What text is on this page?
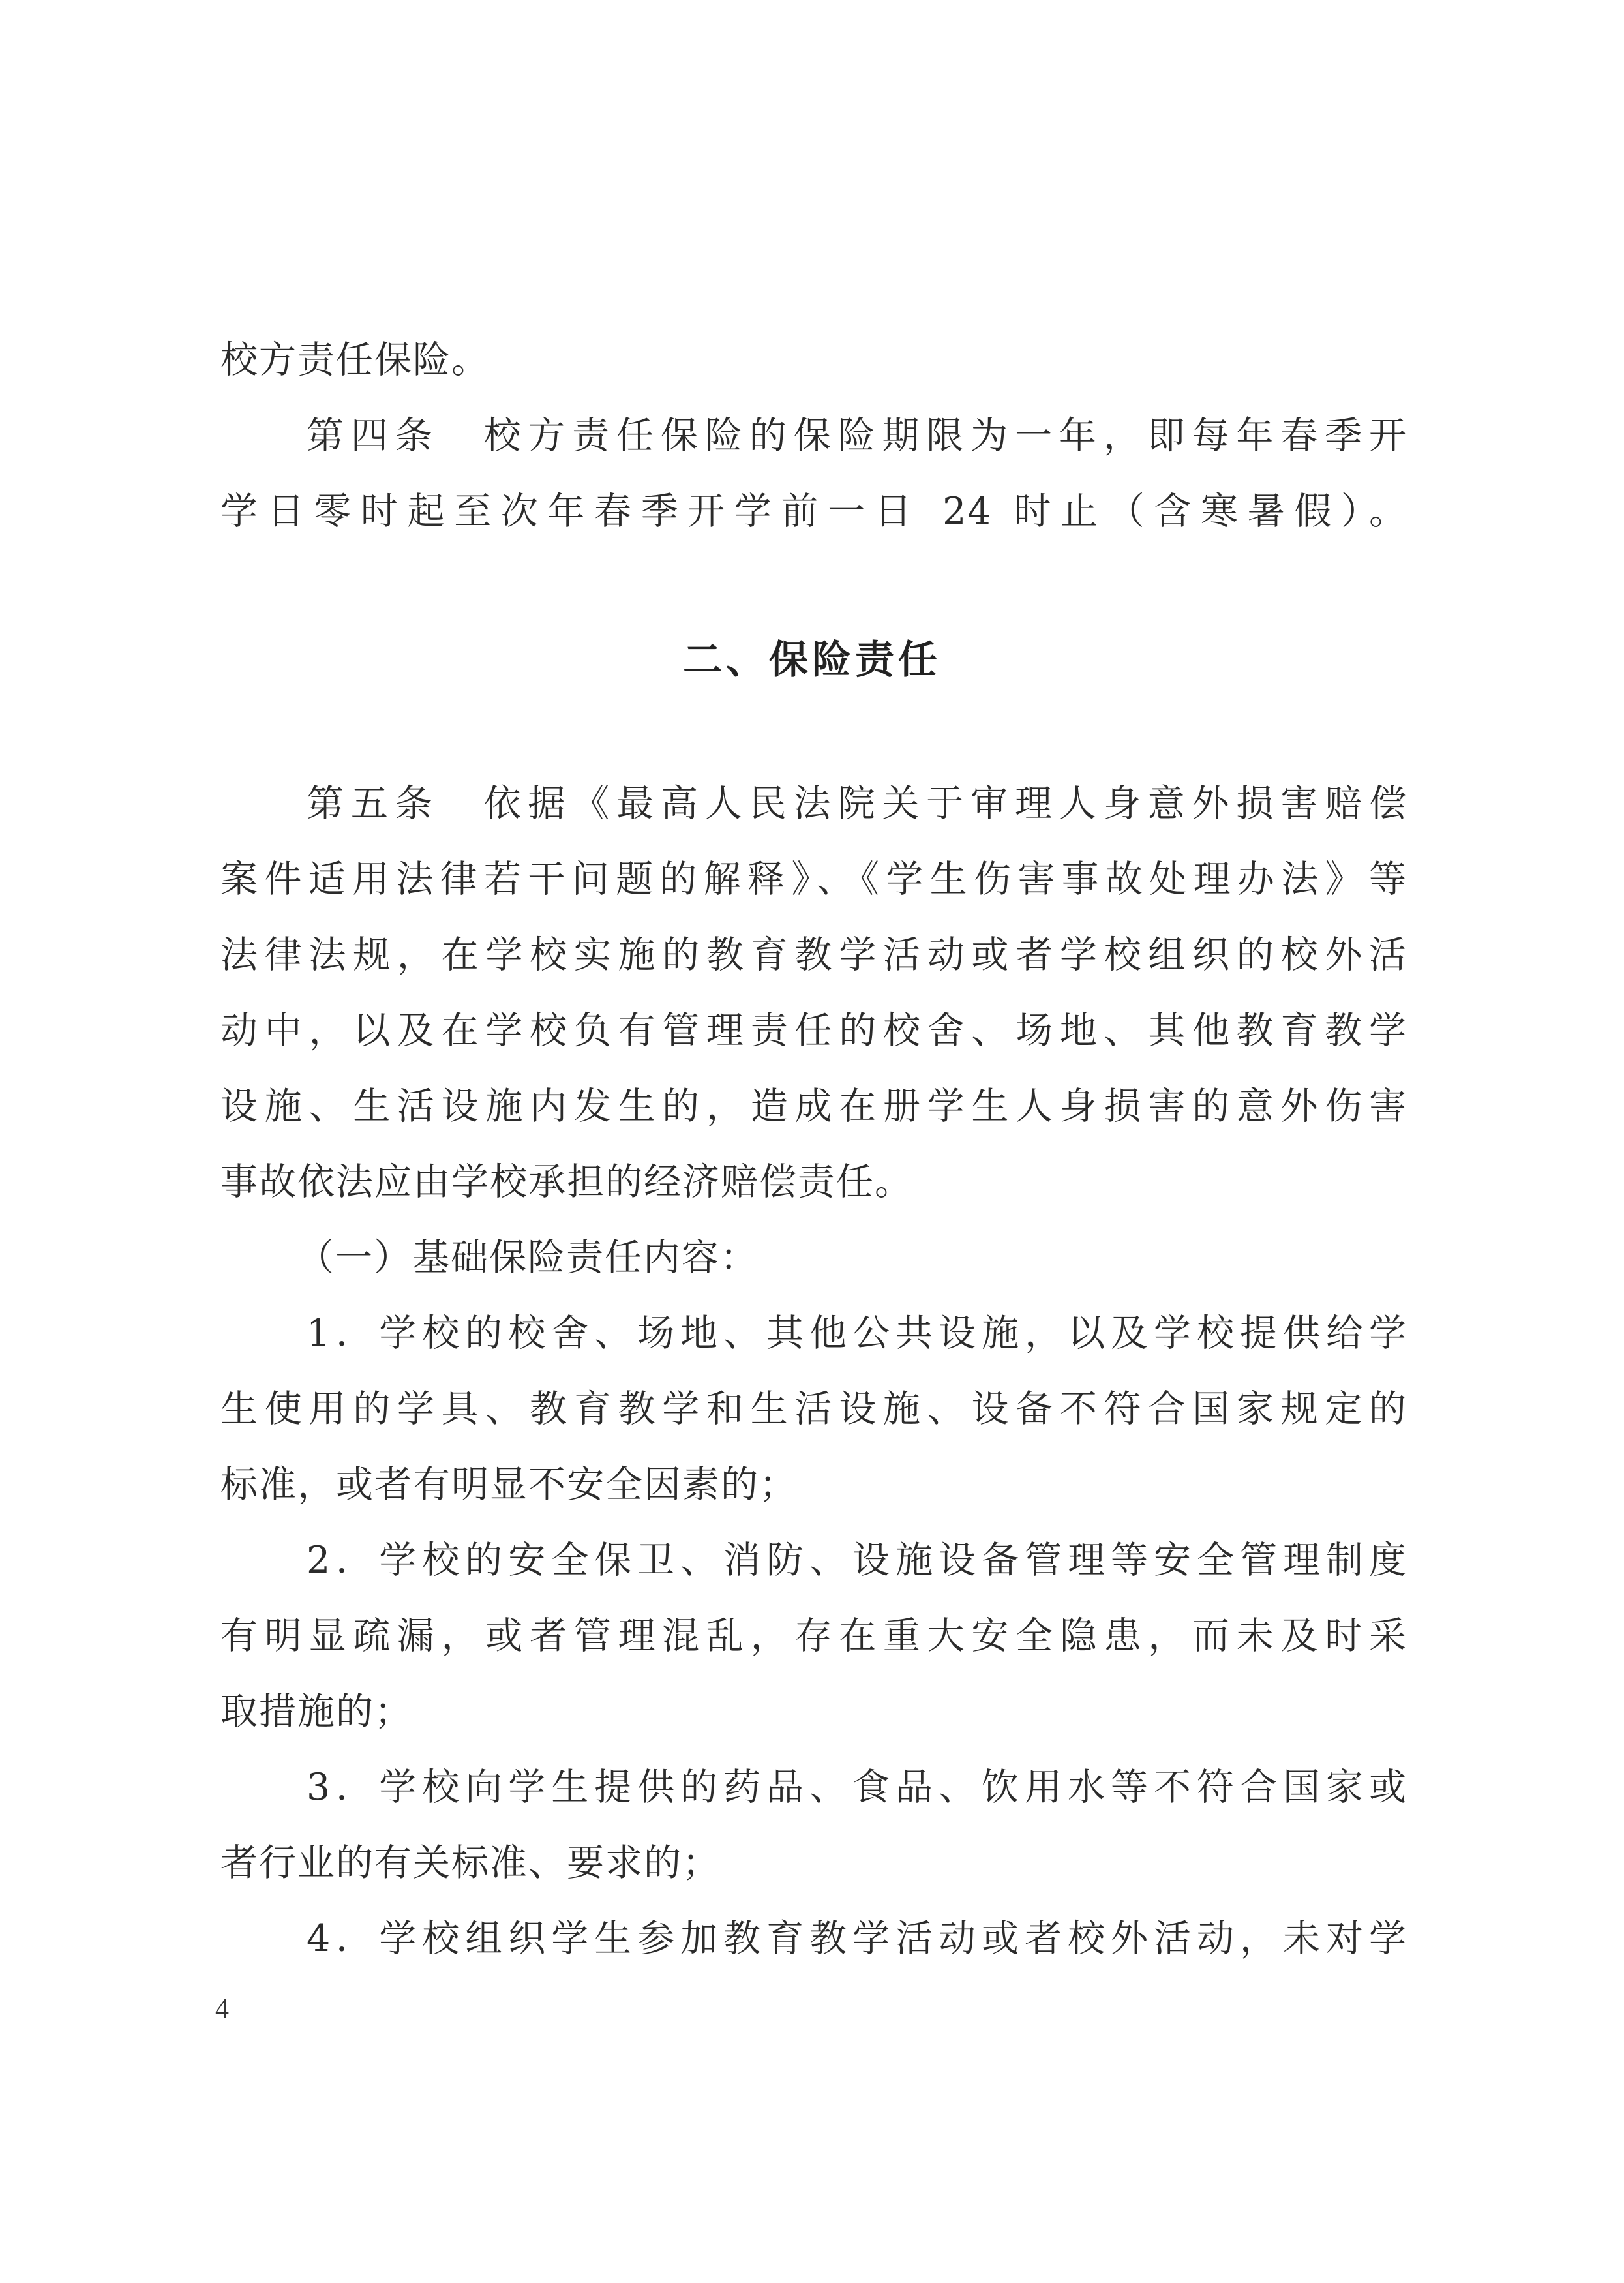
校方责任保险。
第四条　校方责任保险的保险期限为一年，即每年春季开
学日零时起至次年春季开学前一日 24 时止（含寒暑假）。
二、保险责任
第五条　依据《最高人民法院关于审理人身意外损害赔偿
案件适用法律若干问题的解释》、《学生伤害事故处理办法》等
法律法规，在学校实施的教育教学活动或者学校组织的校外活
动中，以及在学校负有管理责任的校舍、场地、其他教育教学
设施、生活设施内发生的，造成在册学生人身损害的意外伤害
事故依法应由学校承担的经济赔偿责任。
（一）基础保险责任内容：
1．学校的校舍、场地、其他公共设施，以及学校提供给学
生使用的学具、教育教学和生活设施、设备不符合国家规定的
标准，或者有明显不安全因素的；
2．学校的安全保卫、消防、设施设备管理等安全管理制度
有明显疏漏，或者管理混乱，存在重大安全隐患，而未及时采
取措施的；
3．学校向学生提供的药品、食品、饮用水等不符合国家或
者行业的有关标准、要求的；
4．学校组织学生参加教育教学活动或者校外活动，未对学
4
